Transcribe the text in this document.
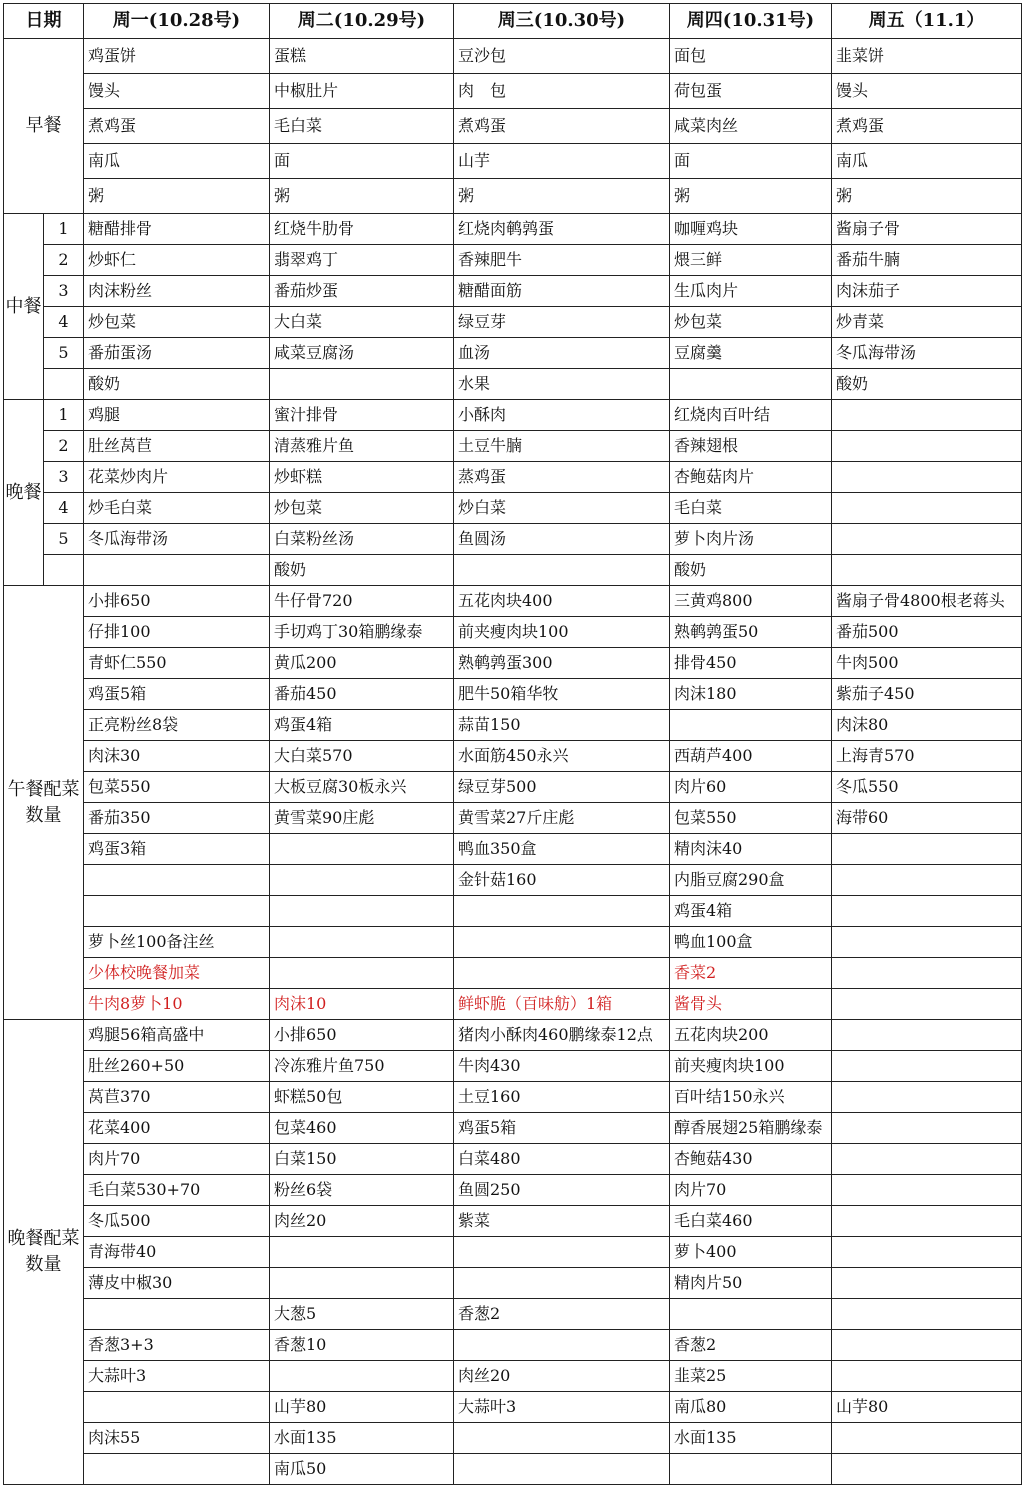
日期		周一(10.28号)	周二(10.29号)	周三(10.30号)	周四(10.31号)	周五（11.1）
早餐		鸡蛋饼	蛋糕	豆沙包	面包	韭菜饼
		馒头	中椒肚片	肉　包	荷包蛋	馒头
		煮鸡蛋	毛白菜	煮鸡蛋	咸菜肉丝	煮鸡蛋
		南瓜	面	山芋	面	南瓜
		粥	粥	粥	粥	粥
中餐	1	糖醋排骨	红烧牛肋骨	红烧肉鹌鹑蛋	咖喱鸡块	酱扇子骨
	2	炒虾仁	翡翠鸡丁	香辣肥牛	煨三鲜	番茄牛腩
	3	肉沫粉丝	番茄炒蛋	糖醋面筋	生瓜肉片	肉沫茄子
	4	炒包菜	大白菜	绿豆芽	炒包菜	炒青菜
	5	番茄蛋汤	咸菜豆腐汤	血汤	豆腐羹	冬瓜海带汤
		酸奶		水果		酸奶
晚餐	1	鸡腿	蜜汁排骨	小酥肉	红烧肉百叶结	
	2	肚丝莴苣	清蒸雅片鱼	土豆牛腩	香辣翅根	
	3	花菜炒肉片	炒虾糕	蒸鸡蛋	杏鲍菇肉片	
	4	炒毛白菜	炒包菜	炒白菜	毛白菜	
	5	冬瓜海带汤	白菜粉丝汤	鱼圆汤	萝卜肉片汤	
			酸奶		酸奶	
午餐配菜数量		小排650	牛仔骨720	五花肉块400	三黄鸡800	酱扇子骨4800根老蒋头
		仔排100	手切鸡丁30箱鹏缘泰	前夹瘦肉块100	熟鹌鹑蛋50	番茄500
		青虾仁550	黄瓜200	熟鹌鹑蛋300	排骨450	牛肉500
		鸡蛋5箱	番茄450	肥牛50箱华牧	肉沫180	紫茄子450
		正亮粉丝8袋	鸡蛋4箱	蒜苗150		肉沫80
		肉沫30	大白菜570	水面筋450永兴	西葫芦400	上海青570
		包菜550	大板豆腐30板永兴	绿豆芽500	肉片60	冬瓜550
		番茄350	黄雪菜90庄彪	黄雪菜27斤庄彪	包菜550	海带60
		鸡蛋3箱		鸭血350盒	精肉沫40	
				金针菇160	内脂豆腐290盒	
					鸡蛋4箱	
		萝卜丝100备注丝			鸭血100盒	
		少体校晚餐加菜			香菜2	
		牛肉8萝卜10	肉沫10	鲜虾脆（百味舫）1箱	酱骨头	
晚餐配菜数量		鸡腿56箱高盛中	小排650	猪肉小酥肉460鹏缘泰12点	五花肉块200	
		肚丝260+50	冷冻雅片鱼750	牛肉430	前夹瘦肉块100	
		莴苣370	虾糕50包	土豆160	百叶结150永兴	
		花菜400	包菜460	鸡蛋5箱	醇香展翅25箱鹏缘泰	
		肉片70	白菜150	白菜480	杏鲍菇430	
		毛白菜530+70	粉丝6袋	鱼圆250	肉片70	
		冬瓜500	肉丝20	紫菜	毛白菜460	
		青海带40			萝卜400	
		薄皮中椒30			精肉片50	
			大葱5	香葱2		
		香葱3+3	香葱10		香葱2	
		大蒜叶3		肉丝20	韭菜25	
			山芋80	大蒜叶3	南瓜80	山芋80
		肉沫55	水面135		水面135	
			南瓜50			
